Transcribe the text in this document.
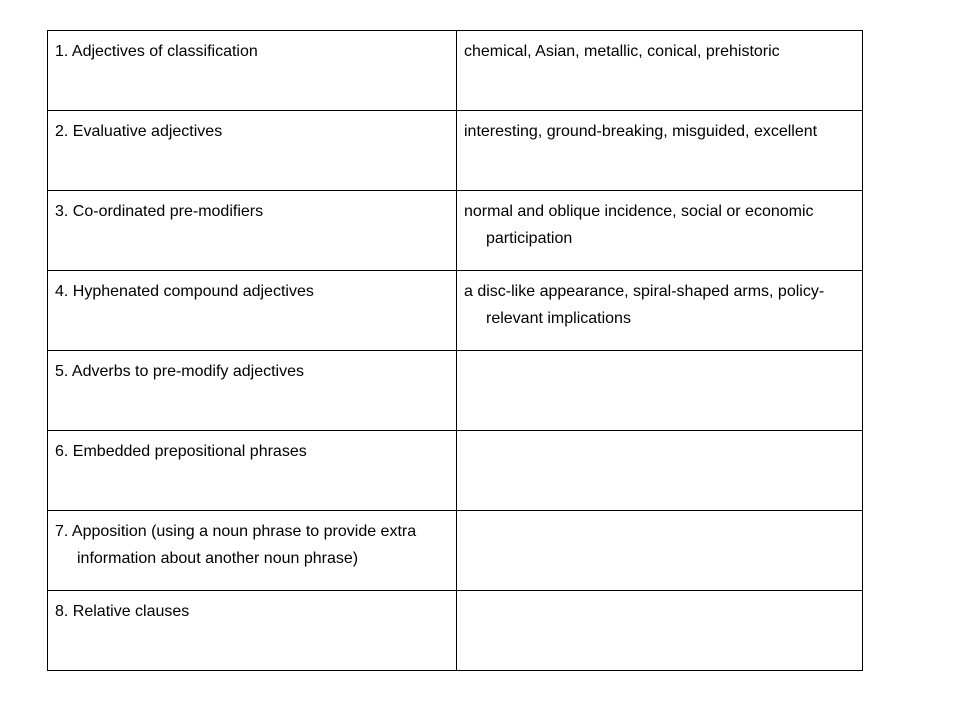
1. Adjectives of classification	chemical, Asian, metallic, conical, prehistoric

2. Evaluative adjectives	interesting, ground-breaking, misguided, excellent

3. Co-ordinated pre-modifiers	normal and oblique incidence, social or economic participation

4. Hyphenated compound adjectives	a disc-like appearance, spiral-shaped arms, policy-relevant implications

5. Adverbs to pre-modify adjectives	

6. Embedded prepositional phrases	

7. Apposition (using a noun phrase to provide extra information about another noun phrase)	

8. Relative clauses	
